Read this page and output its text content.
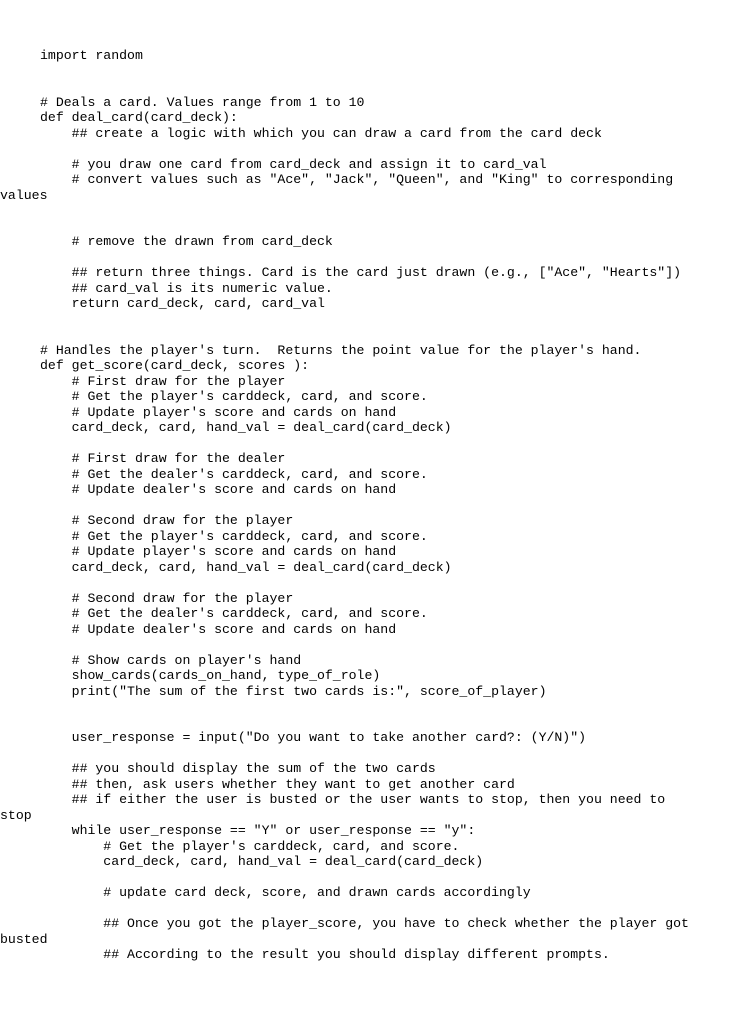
import random
# Deals a card. Values range from 1 to 10
def deal_card(card_deck):
## create a logic with which you can draw a card from the card deck
# you draw one card from card_deck and assign it to card_val
# convert values such as "Ace", "Jack", "Queen", and "King" to corresponding
values
# remove the drawn from card_deck
## return three things. Card is the card just drawn (e.g., ["Ace", "Hearts"])
## card_val is its numeric value.
return card_deck, card, card_val
# Handles the player's turn.  Returns the point value for the player's hand.
def get_score(card_deck, scores ):
# First draw for the player
# Get the player's carddeck, card, and score.
# Update player's score and cards on hand
card_deck, card, hand_val = deal_card(card_deck)
# First draw for the dealer
# Get the dealer's carddeck, card, and score.
# Update dealer's score and cards on hand
# Second draw for the player
# Get the player's carddeck, card, and score.
# Update player's score and cards on hand
card_deck, card, hand_val = deal_card(card_deck)
# Second draw for the player
# Get the dealer's carddeck, card, and score.
# Update dealer's score and cards on hand
# Show cards on player's hand
show_cards(cards_on_hand, type_of_role)
print("The sum of the first two cards is:", score_of_player)
user_response = input("Do you want to take another card?: (Y/N)")
## you should display the sum of the two cards
## then, ask users whether they want to get another card
## if either the user is busted or the user wants to stop, then you need to
stop
while user_response == "Y" or user_response == "y":
# Get the player's carddeck, card, and score.
card_deck, card, hand_val = deal_card(card_deck)
# update card deck, score, and drawn cards accordingly
## Once you got the player_score, you have to check whether the player got
busted
## According to the result you should display different prompts.
